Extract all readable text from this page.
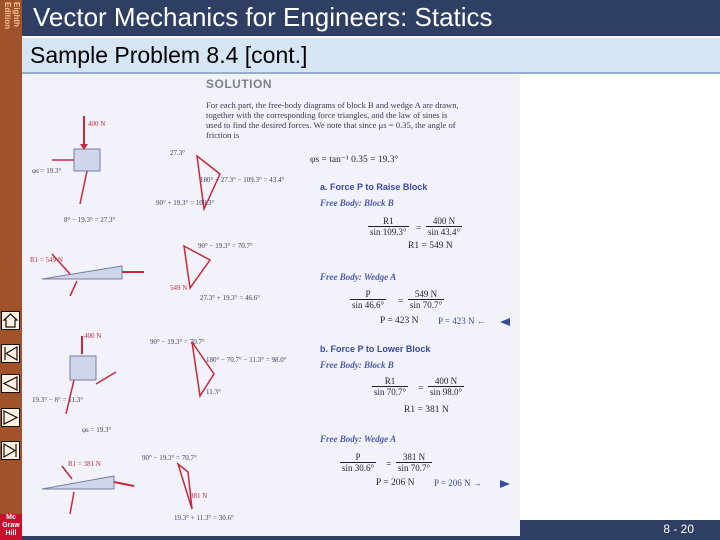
Vector Mechanics for Engineers: Statics
Eighth Edition
Sample Problem 8.4 [cont.]
Mc Graw Hill
400 N
φs = 19.3°
27.3°
180° − 27.3° − 109.3° = 43.4°
90° + 19.3° = 109.3°
8° − 19.3° = 27.3°
R1 = 549 N
90° − 19.3° = 70.7°
549 N
27.3° + 19.3° = 46.6°
400 N
90° − 19.3° = 70.7°
180° − 70.7° − 11.3° = 98.0°
19.3° − 8° = 11.3°
11.3°
φs = 19.3°
90° − 19.3° = 70.7°
R1 = 381 N
381 N
19.3° + 11.3° = 30.6°
SOLUTION
For each part, the free-body diagrams of block B and wedge A are drawn,
together with the corresponding force triangles, and the law of sines is
used to find the desired forces. We note that since μs = 0.35, the angle of
friction is
φs = tan⁻¹ 0.35 = 19.3°
a. Force P to Raise Block
Free Body: Block B
$\frac{R1}{\sin 109.3^\circ} = \frac{400 N}{\sin 43.4^\circ}$
R1 = 549 N
Free Body: Wedge A
$\frac{P}{\sin 46.6^\circ} = \frac{549 N}{\sin 70.7^\circ}$
P = 423 N P = 423 N ←
b. Force P to Lower Block
Free Body: Block B
$\frac{R1}{\sin 70.7^\circ} = \frac{400 N}{\sin 98.0^\circ}$
R1 = 381 N
Free Body: Wedge A
$\frac{P}{\sin 30.6^\circ} = \frac{381 N}{\sin 70.7^\circ}$
P = 206 N P = 206 N →
8 - 20
